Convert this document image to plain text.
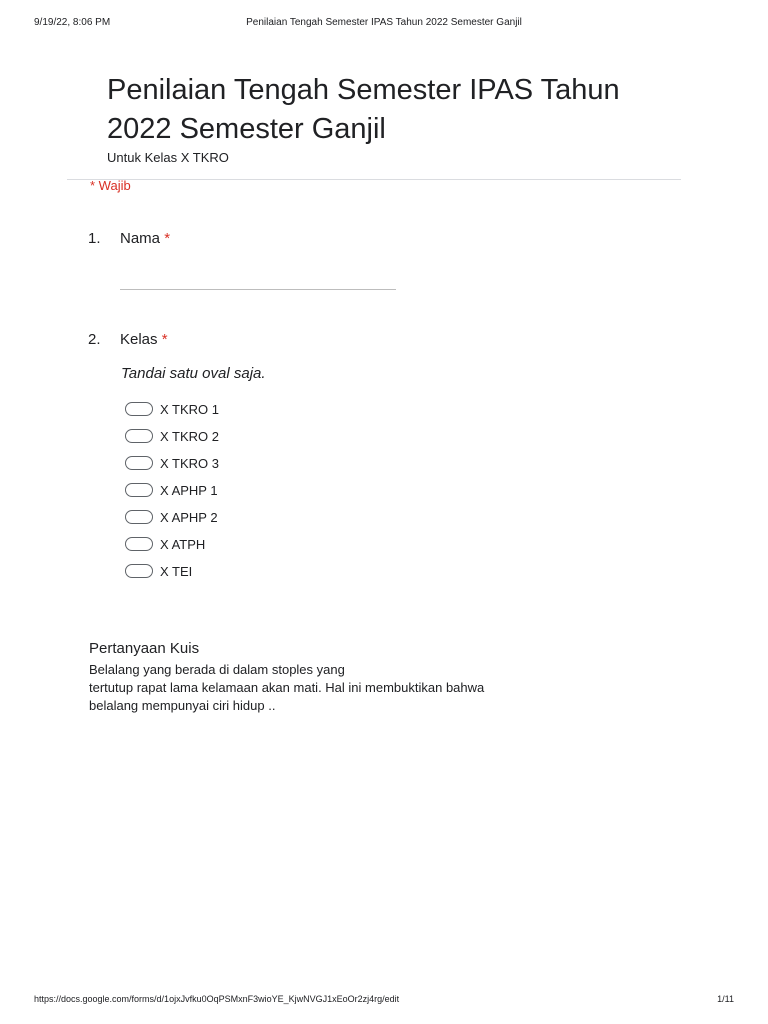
9/19/22, 8:06 PM	Penilaian Tengah Semester IPAS Tahun 2022 Semester Ganjil
Penilaian Tengah Semester IPAS Tahun 2022 Semester Ganjil
Untuk Kelas X TKRO
* Wajib
1. Nama *
2. Kelas *
Tandai satu oval saja.
X TKRO 1
X TKRO 2
X TKRO 3
X APHP 1
X APHP 2
X ATPH
X TEI
Pertanyaan Kuis
Belalang yang berada di dalam stoples yang
tertutup rapat lama kelamaan akan mati. Hal ini membuktikan bahwa
belalang mempunyai ciri hidup ..
https://docs.google.com/forms/d/1ojxJvfku0OqPSMxnF3wioYE_KjwNVGJ1xEoOr2zj4rg/edit	1/11
